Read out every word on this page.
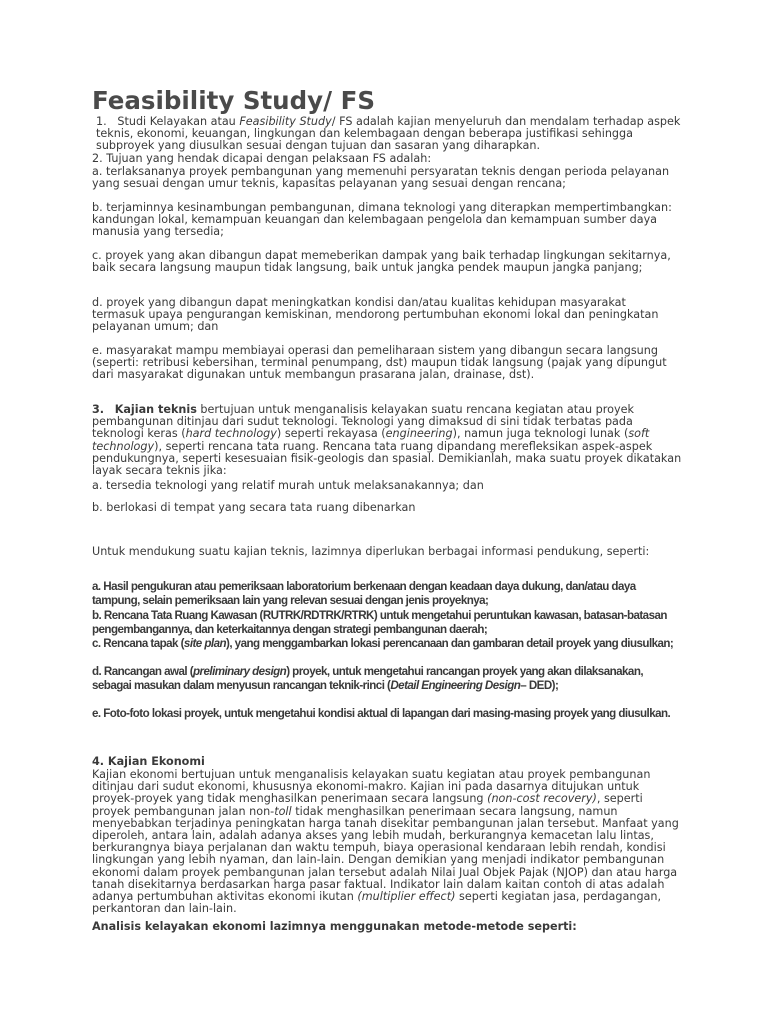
Feasibility Study/ FS
1. Studi Kelayakan atau Feasibility Study/ FS adalah kajian menyeluruh dan mendalam terhadap aspek teknis, ekonomi, keuangan, lingkungan dan kelembagaan dengan beberapa justifikasi sehingga subproyek yang diusulkan sesuai dengan tujuan dan sasaran yang diharapkan.
2. Tujuan yang hendak dicapai dengan pelaksaan FS adalah:
a. terlaksananya proyek pembangunan yang memenuhi persyaratan teknis dengan perioda pelayanan yang sesuai dengan umur teknis, kapasitas pelayanan yang sesuai dengan rencana;
b. terjaminnya kesinambungan pembangunan, dimana teknologi yang diterapkan mempertimbangkan: kandungan lokal, kemampuan keuangan dan kelembagaan pengelola dan kemampuan sumber daya manusia yang tersedia;
c. proyek yang akan dibangun dapat memeberikan dampak yang baik terhadap lingkungan sekitarnya, baik secara langsung maupun tidak langsung, baik untuk jangka pendek maupun jangka panjang;
d. proyek yang dibangun dapat meningkatkan kondisi dan/atau kualitas kehidupan masyarakat termasuk upaya pengurangan kemiskinan, mendorong pertumbuhan ekonomi lokal dan peningkatan pelayanan umum; dan
e. masyarakat mampu membiayai operasi dan pemeliharaan sistem yang dibangun secara langsung (seperti: retribusi kebersihan, terminal penumpang, dst) maupun tidak langsung (pajak yang dipungut dari masyarakat digunakan untuk membangun prasarana jalan, drainase, dst).
3. Kajian teknis bertujuan untuk menganalisis kelayakan suatu rencana kegiatan atau proyek pembangunan ditinjau dari sudut teknologi. Teknologi yang dimaksud di sini tidak terbatas pada teknologi keras (hard technology) seperti rekayasa (engineering), namun juga teknologi lunak (soft technology), seperti rencana tata ruang. Rencana tata ruang dipandang merefleksikan aspek-aspek pendukungnya, seperti kesesuaian fisik-geologis dan spasial. Demikianlah, maka suatu proyek dikatakan layak secara teknis jika:
a. tersedia teknologi yang relatif murah untuk melaksanakannya; dan
b. berlokasi di tempat yang secara tata ruang dibenarkan
Untuk mendukung suatu kajian teknis, lazimnya diperlukan berbagai informasi pendukung, seperti:
a. Hasil pengukuran atau pemeriksaan laboratorium berkenaan dengan keadaan daya dukung, dan/atau daya tampung, selain pemeriksaan lain yang relevan sesuai dengan jenis proyeknya;
b. Rencana Tata Ruang Kawasan (RUTRK/RDTRK/RTRK) untuk mengetahui peruntukan kawasan, batasan-batasan pengembangannya, dan keterkaitannya dengan strategi pembangunan daerah;
c. Rencana tapak (site plan), yang menggambarkan lokasi perencanaan dan gambaran detail proyek yang diusulkan;
d. Rancangan awal (preliminary design) proyek, untuk mengetahui rancangan proyek yang akan dilaksanakan, sebagai masukan dalam menyusun rancangan teknik-rinci (Detail Engineering Design– DED);
e. Foto-foto lokasi proyek, untuk mengetahui kondisi aktual di lapangan dari masing-masing proyek yang diusulkan.
4. Kajian Ekonomi
Kajian ekonomi bertujuan untuk menganalisis kelayakan suatu kegiatan atau proyek pembangunan ditinjau dari sudut ekonomi, khususnya ekonomi-makro. Kajian ini pada dasarnya ditujukan untuk proyek-proyek yang tidak menghasilkan penerimaan secara langsung (non-cost recovery), seperti proyek pembangunan jalan non-toll tidak menghasilkan penerimaan secara langsung, namun menyebabkan terjadinya peningkatan harga tanah disekitar pembangunan jalan tersebut. Manfaat yang diperoleh, antara lain, adalah adanya akses yang lebih mudah, berkurangnya kemacetan lalu lintas, berkurangnya biaya perjalanan dan waktu tempuh, biaya operasional kendaraan lebih rendah, kondisi lingkungan yang lebih nyaman, dan lain-lain. Dengan demikian yang menjadi indikator pembangunan ekonomi dalam proyek pembangunan jalan tersebut adalah Nilai Jual Objek Pajak (NJOP) dan atau harga tanah disekitarnya berdasarkan harga pasar faktual. Indikator lain dalam kaitan contoh di atas adalah adanya pertumbuhan aktivitas ekonomi ikutan (multiplier effect) seperti kegiatan jasa, perdagangan, perkantoran dan lain-lain.
Analisis kelayakan ekonomi lazimnya menggunakan metode-metode seperti:
